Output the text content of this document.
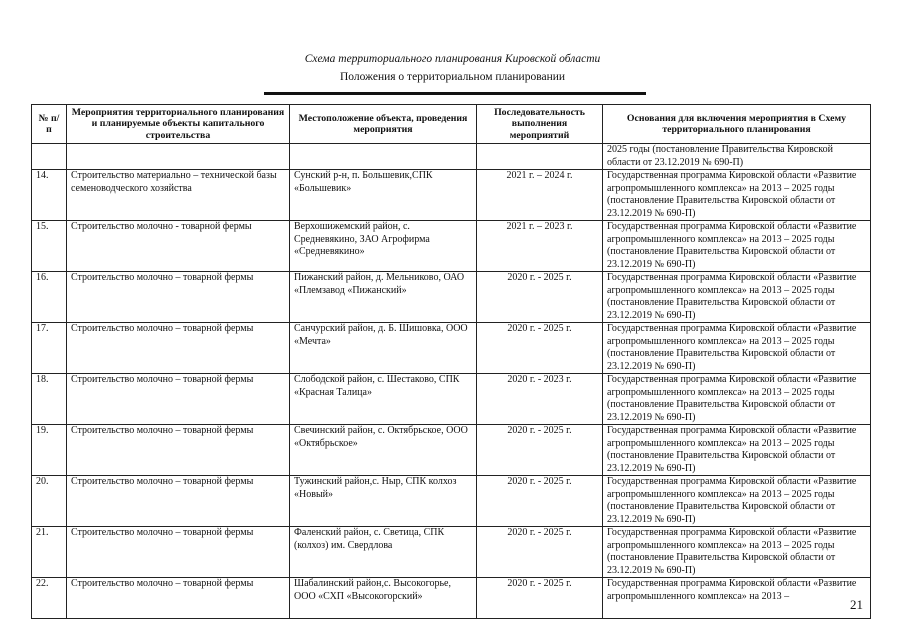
Схема территориального планирования Кировской области
Положения о территориальном планировании
№ п/п	Мероприятия территориального планирования и планируемые объекты капитального строительства	Местоположение объекта, проведения мероприятия	Последовательность выполнения мероприятий	Основания для включения мероприятия в Схему территориального планирования
				2025 годы (постановление Правительства Кировской области от 23.12.2019 № 690-П)
14.	Строительство материально – технической базы семеноводческого хозяйства	Сунский р-н, п. Большевик,СПК «Большевик»	2021 г. – 2024 г.	Государственная программа Кировской области «Развитие агропромышленного комплекса» на 2013 – 2025 годы (постановление Правительства Кировской области от 23.12.2019 № 690-П)
15.	Строительство молочно - товарной фермы	Верхошижемский район, с. Средневякино, ЗАО Агрофирма «Средневякино»	2021 г. – 2023 г.	Государственная программа Кировской области «Развитие агропромышленного комплекса» на 2013 – 2025 годы (постановление Правительства Кировской области от 23.12.2019 № 690-П)
16.	Строительство молочно – товарной фермы	Пижанский район, д. Мельниково, ОАО «Племзавод «Пижанский»	2020 г. - 2025 г.	Государственная программа Кировской области «Развитие агропромышленного комплекса» на 2013 – 2025 годы (постановление Правительства Кировской области от 23.12.2019 № 690-П)
17.	Строительство молочно – товарной фермы	Санчурский район, д. Б. Шишовка, ООО «Мечта»	2020 г. - 2025 г.	Государственная программа Кировской области «Развитие агропромышленного комплекса» на 2013 – 2025 годы (постановление Правительства Кировской области от 23.12.2019 № 690-П)
18.	Строительство молочно – товарной фермы	Слободской район, с. Шестаково, СПК «Красная Талица»	2020 г. - 2023 г.	Государственная программа Кировской области «Развитие агропромышленного комплекса» на 2013 – 2025 годы (постановление Правительства Кировской области от 23.12.2019 № 690-П)
19.	Строительство молочно – товарной фермы	Свечинский район, с. Октябрьское, ООО «Октябрьское»	2020 г. - 2025 г.	Государственная программа Кировской области «Развитие агропромышленного комплекса» на 2013 – 2025 годы (постановление Правительства Кировской области от 23.12.2019 № 690-П)
20.	Строительство молочно – товарной фермы	Тужинский район,с. Ныр, СПК колхоз «Новый»	2020 г. - 2025 г.	Государственная программа Кировской области «Развитие агропромышленного комплекса» на 2013 – 2025 годы (постановление Правительства Кировской области от 23.12.2019 № 690-П)
21.	Строительство молочно – товарной фермы	Фаленский район, с. Светица, СПК (колхоз) им. Свердлова	2020 г. - 2025 г.	Государственная программа Кировской области «Развитие агропромышленного комплекса» на 2013 – 2025 годы (постановление Правительства Кировской области от 23.12.2019 № 690-П)
22.	Строительство молочно – товарной фермы	Шабалинский район,с. Высокогорье, ООО «СХП «Высокогорский»	2020 г. - 2025 г.	Государственная программа Кировской области «Развитие агропромышленного комплекса» на 2013 –
21
